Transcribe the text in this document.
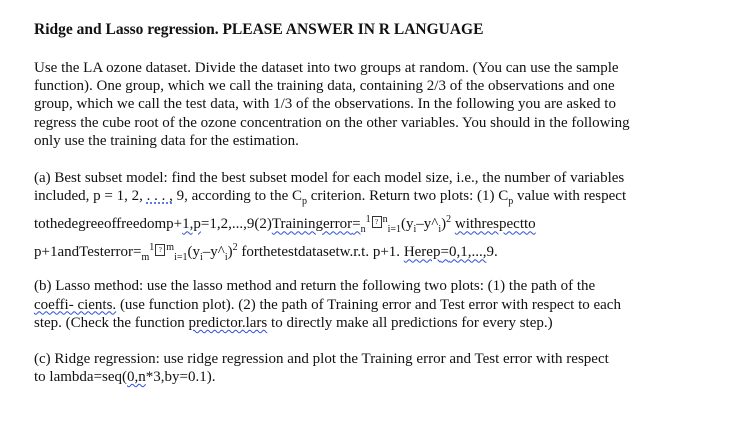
Ridge and Lasso regression. PLEASE ANSWER IN R LANGUAGE
Use the LA ozone dataset. Divide the dataset into two groups at random. (You can use the sample
function). One group, which we call the training data, containing 2/3 of the observations and one
group, which we call the test data, with 1/3 of the observations. In the following you are asked to
regress the cube root of the ozone concentration on the other variables. You should in the following
only use the training data for the estimation.
(a) Best subset model: find the best subset model for each model size, i.e., the number of variables
included, p = 1, 2, . . . , 9, according to the $C_p$ criterion. Return two plots: (1) $C_p$ value with respect
$tothedegreeoffreedomp+1,p=1,2,...,9(2)Trainingerror=_n^1$ ? $^n_{i=1}(y_i-y\^{}_i)^2$ withrespectto
$p+1andTesterror=_m^1$ ? $^m_{i=1}(y_i-y\^{}_i)^2$ forthetestdatasetw.r.t. p+1. Herep=0,1,...,9.
(b) Lasso method: use the lasso method and return the following two plots: (1) the path of the
coeffi- cients. (use function plot). (2) the path of Training error and Test error with respect to each
step. (Check the function predictor.lars to directly make all predictions for every step.)
(c) Ridge regression: use ridge regression and plot the Training error and Test error with respect
to lambda=seq(0,n*3,by=0.1).
